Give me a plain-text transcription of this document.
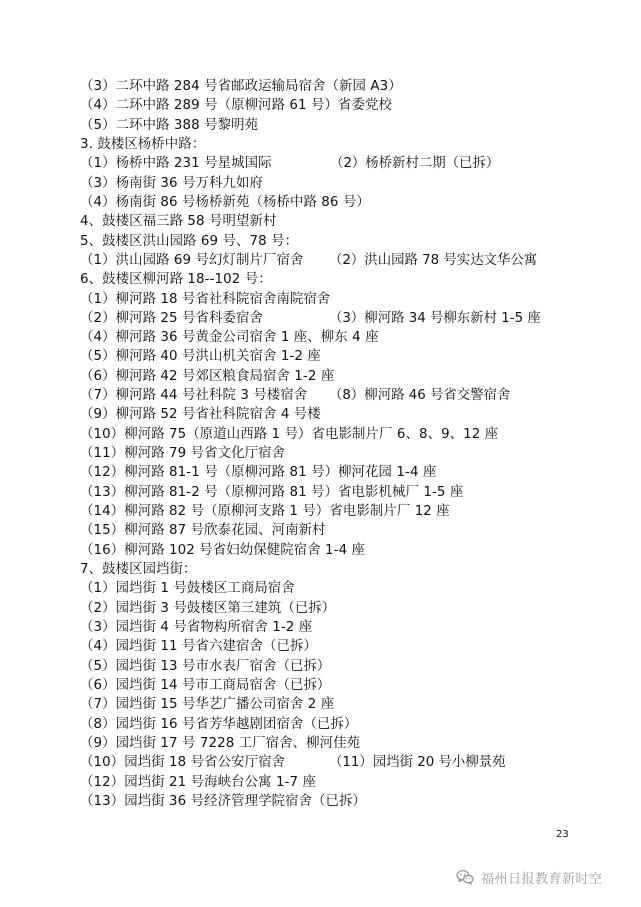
（3）二环中路 284 号省邮政运输局宿舍（新园 A3）
（4）二环中路 289 号（原柳河路 61 号）省委党校
（5）二环中路 388 号黎明苑
3. 鼓楼区杨桥中路：
（1）杨桥中路 231 号星城国际	（2）杨桥新村二期（已拆）
（3）杨南街 36 号万科九如府
（4）杨南街 86 号杨桥新苑（杨桥中路 86 号）
4、鼓楼区福三路 58 号明望新村
5、鼓楼区洪山园路 69 号、78 号：
（1）洪山园路 69 号幻灯制片厂宿舍 （2）洪山园路 78 号实达文华公寓
6、鼓楼区柳河路 18--102 号：
（1）柳河路 18 号省社科院宿舍南院宿舍
（2）柳河路 25 号省科委宿舍	（3）柳河路 34 号柳东新村 1-5 座
（4）柳河路 36 号黄金公司宿舍 1 座、柳东 4 座
（5）柳河路 40 号洪山机关宿舍 1-2 座
（6）柳河路 42 号郊区粮食局宿舍 1-2 座
（7）柳河路 44 号社科院 3 号楼宿舍 （8）柳河路 46 号省交警宿舍
（9）柳河路 52 号省社科院宿舍 4 号楼
（10）柳河路 75（原道山西路 1 号）省电影制片厂 6、8、9、12 座
（11）柳河路 79 号省文化厅宿舍
（12）柳河路 81-1 号（原柳河路 81 号）柳河花园 1-4 座
（13）柳河路 81-2 号（原柳河路 81 号）省电影机械厂 1-5 座
（14）柳河路 82 号（原柳河支路 1 号）省电影制片厂 12 座
（15）柳河路 87 号欣泰花园、河南新村
（16）柳河路 102 号省妇幼保健院宿舍 1-4 座
7、鼓楼区园垱街：
（1）园垱街 1 号鼓楼区工商局宿舍
（2）园垱街 3 号鼓楼区第三建筑（已拆）
（3）园垱街 4 号省物构所宿舍 1-2 座
（4）园垱街 11 号省六建宿舍（已拆）
（5）园垱街 13 号市水表厂宿舍（已拆）
（6）园垱街 14 号市工商局宿舍（已拆）
（7）园垱街 15 号华艺广播公司宿舍 2 座
（8）园垱街 16 号省芳华越剧团宿舍（已拆）
（9）园垱街 17 号 7228 工厂宿舍、柳河佳苑
（10）园垱街 18 号省公安厅宿舍	（11）园垱街 20 号小柳景苑
（12）园垱街 21 号海峡台公寓 1-7 座
（13）园垱街 36 号经济管理学院宿舍（已拆）
23
福州日报教育新时空
